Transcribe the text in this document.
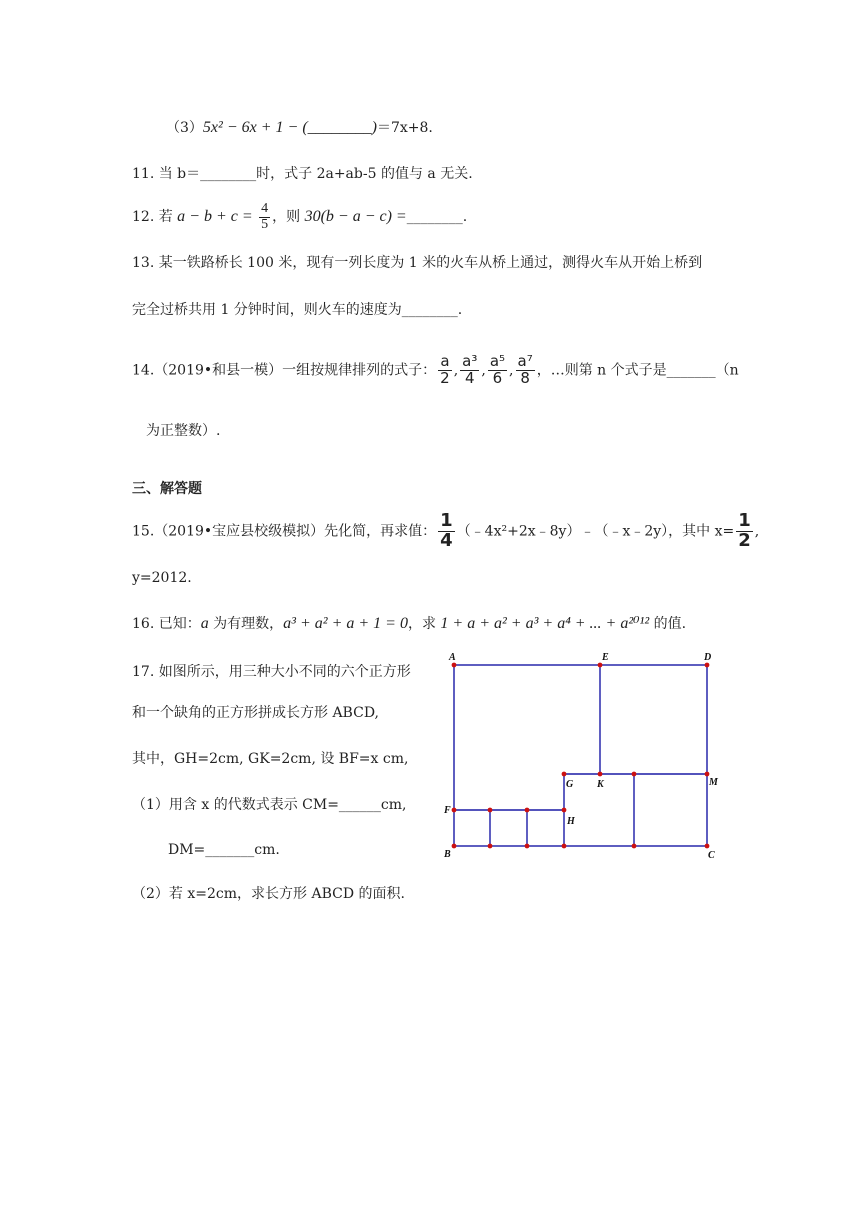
（3）5x² − 6x + 1 − (________)＝7x+8.
11. 当 b＝________时，式子 2a+ab-5 的值与 a 无关.
12. 若 $a - b + c = \frac{4}{5}$ ，则 30(b − a − c) =________.
13. 某一铁路桥长 100 米，现有一列长度为 1 米的火车从桥上通过，测得火车从开始上桥到
完全过桥共用 1 分钟时间，则火车的速度为________.
14.（2019•和县一模）一组按规律排列的式子： $\frac{a}{2}$ , $\frac{\text{a³}}{4}$ , $\frac{\text{a⁵}}{6}$ , $\frac{\text{a⁷}}{8}$ ，…则第 n 个式子是_______（n
为正整数）.
三、解答题
15.（2019•宝应县校级模拟）先化简，再求值： $\frac{1}{4}$ （﹣4x²+2x﹣8y）﹣（﹣x﹣2y），其中 $x= \frac{1}{2}$ ,
y=2012.
16. 已知：a 为有理数，a³ + a² + a + 1 = 0，求 1 + a + a² + a³ + a⁴ + ... + a²⁰¹² 的值.
17. 如图所示，用三种大小不同的六个正方形
和一个缺角的正方形拼成长方形 ABCD,
其中，GH=2cm, GK=2cm, 设 BF=x cm,
（1）用含 x 的代数式表示 CM=______cm,
DM=_______cm.
（2）若 x=2cm，求长方形 ABCD 的面积.
A	E	D
G K	M
F
H
B	C
